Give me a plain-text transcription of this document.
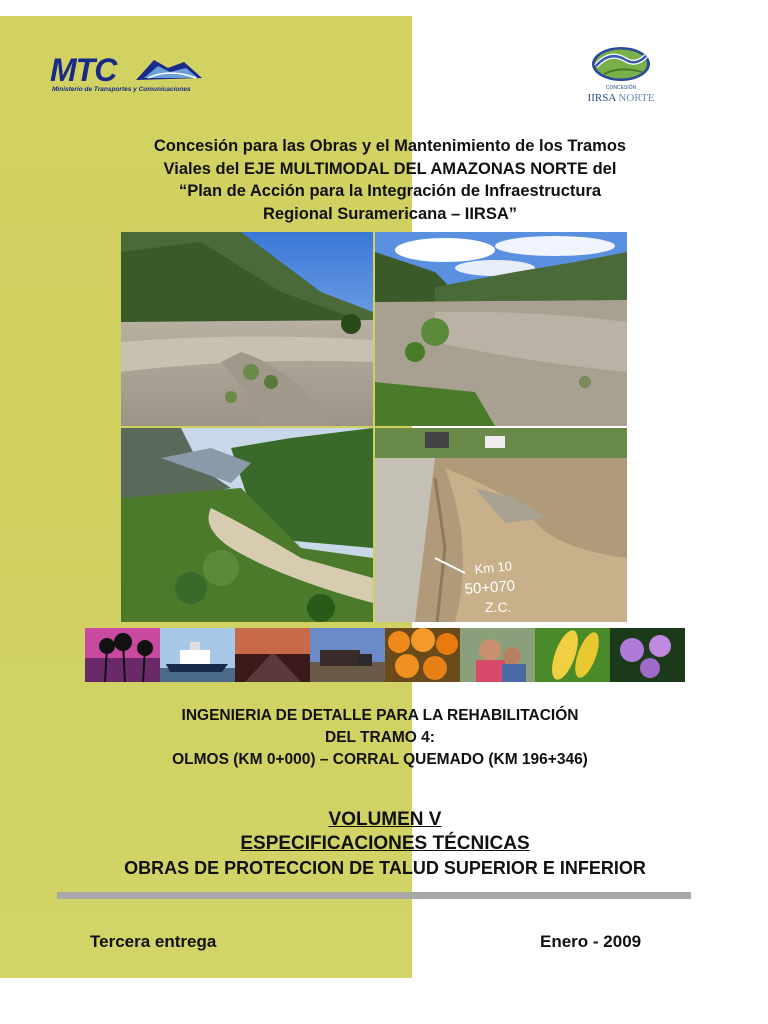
MTC
Ministerio de Transportes y Comunicaciones	CONCESIÓN
IIRSA NORTE
Concesión para las Obras y el Mantenimiento de los Tramos
Viales del EJE MULTIMODAL DEL AMAZONAS NORTE del
“Plan de Acción para la Integración de Infraestructura
Regional Suramericana – IIRSA”
Km 10
50+070
Z.C.
INGENIERIA DE DETALLE PARA LA REHABILITACIÓN
DEL TRAMO 4:
OLMOS (KM 0+000) – CORRAL QUEMADO (KM 196+346)
VOLUMEN V
ESPECIFICACIONES TÉCNICAS
OBRAS DE PROTECCION DE TALUD SUPERIOR E INFERIOR
Tercera entrega	Enero - 2009
